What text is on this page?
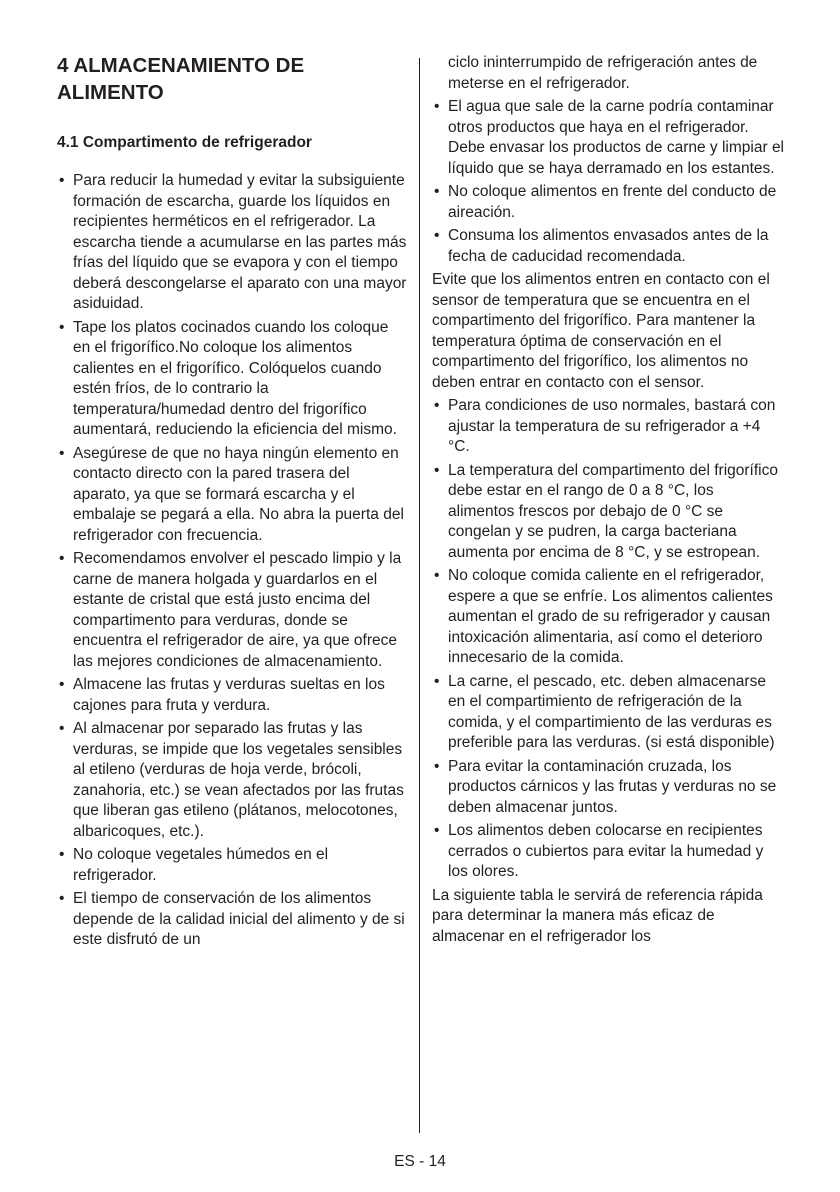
4 ALMACENAMIENTO DE ALIMENTO
4.1 Compartimento de refrigerador
• Para reducir la humedad y evitar la subsiguiente formación de escarcha, guarde los líquidos en recipientes herméticos en el refrigerador. La escarcha tiende a acumularse en las partes más frías del líquido que se evapora y con el tiempo deberá descongelarse el aparato con una mayor asiduidad.
• Tape los platos cocinados cuando los coloque en el frigorífico.No coloque los alimentos calientes en el frigorífico. Colóquelos cuando estén fríos, de lo contrario la temperatura/humedad dentro del frigorífico aumentará, reduciendo la eficiencia del mismo.
• Asegúrese de que no haya ningún elemento en contacto directo con la pared trasera del aparato, ya que se formará escarcha y el embalaje se pegará a ella. No abra la puerta del refrigerador con frecuencia.
• Recomendamos envolver el pescado limpio y la carne de manera holgada y guardarlos en el estante de cristal que está justo encima del compartimento para verduras, donde se encuentra el refrigerador de aire, ya que ofrece las mejores condiciones de almacenamiento.
• Almacene las frutas y verduras sueltas en los cajones para fruta y verdura.
• Al almacenar por separado las frutas y las verduras, se impide que los vegetales sensibles al etileno (verduras de hoja verde, brócoli, zanahoria, etc.) se vean afectados por las frutas que liberan gas etileno (plátanos, melocotones, albaricoques, etc.).
• No coloque vegetales húmedos en el refrigerador.
• El tiempo de conservación de los alimentos depende de la calidad inicial del alimento y de si este disfrutó de un
ciclo ininterrumpido de refrigeración antes de meterse en el refrigerador.
• El agua que sale de la carne podría contaminar otros productos que haya en el refrigerador. Debe envasar los productos de carne y limpiar el líquido que se haya derramado en los estantes.
• No coloque alimentos en frente del conducto de aireación.
• Consuma los alimentos envasados antes de la fecha de caducidad recomendada.

Evite que los alimentos entren en contacto con el sensor de temperatura que se encuentra en el compartimento del frigorífico. Para mantener la temperatura óptima de conservación en el compartimento del frigorífico, los alimentos no deben entrar en contacto con el sensor.

• Para condiciones de uso normales, bastará con ajustar la temperatura de su refrigerador a +4 °C.
• La temperatura del compartimento del frigorífico debe estar en el rango de 0 a 8 °C, los alimentos frescos por debajo de 0 °C se congelan y se pudren, la carga bacteriana aumenta por encima de 8 °C, y se estropean.
• No coloque comida caliente en el refrigerador, espere a que se enfríe. Los alimentos calientes aumentan el grado de su refrigerador y causan intoxicación alimentaria, así como el deterioro innecesario de la comida.
• La carne, el pescado, etc. deben almacenarse en el compartimiento de refrigeración de la comida, y el compartimiento de las verduras es preferible para las verduras. (si está disponible)
• Para evitar la contaminación cruzada, los productos cárnicos y las frutas y verduras no se deben almacenar juntos.
• Los alimentos deben colocarse en recipientes cerrados o cubiertos para evitar la humedad y los olores.

La siguiente tabla le servirá de referencia rápida para determinar la manera más eficaz de almacenar en el refrigerador los

ES - 14
